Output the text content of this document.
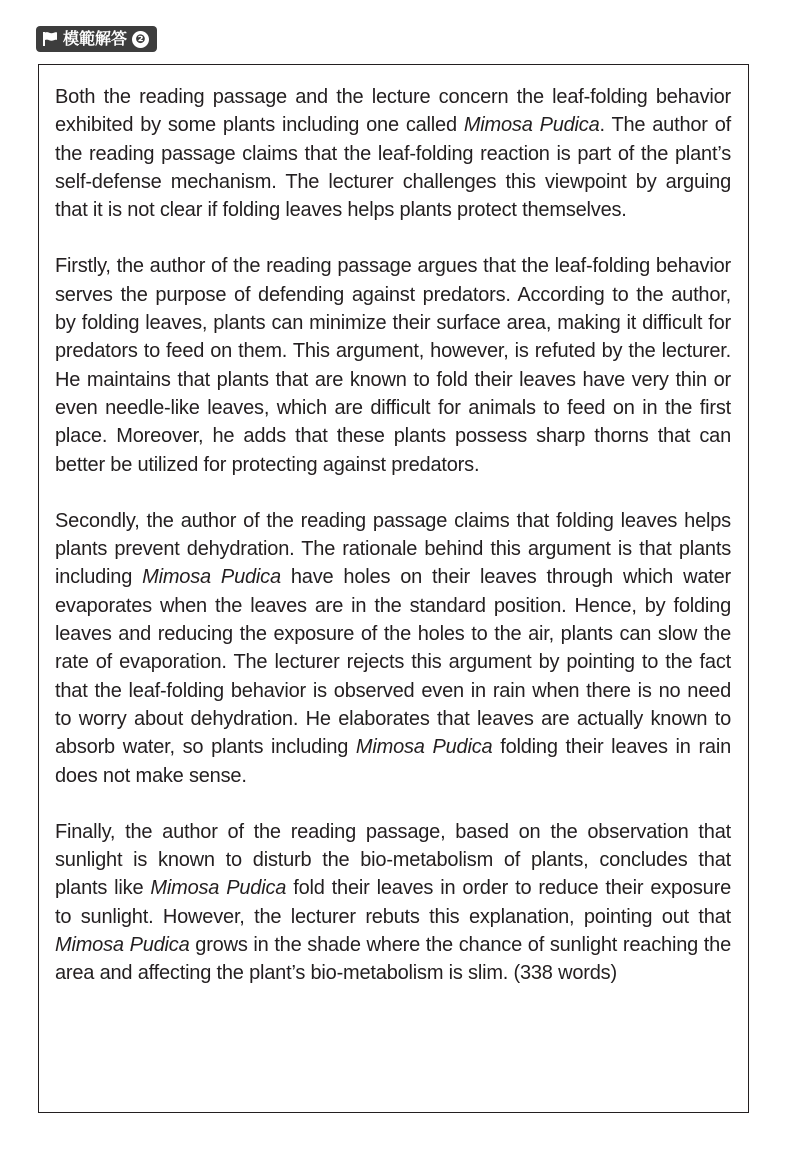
模範解答 ❷

Both the reading passage and the lecture concern the leaf-folding behavior exhibited by some plants including one called Mimosa Pudica. The author of the reading passage claims that the leaf-folding reaction is part of the plant’s self-defense mechanism. The lecturer challenges this viewpoint by arguing that it is not clear if folding leaves helps plants protect themselves.

Firstly, the author of the reading passage argues that the leaf-folding behavior serves the purpose of defending against predators. According to the author, by folding leaves, plants can minimize their surface area, making it difficult for predators to feed on them. This argument, however, is refuted by the lecturer. He maintains that plants that are known to fold their leaves have very thin or even needle-like leaves, which are difficult for animals to feed on in the first place. Moreover, he adds that these plants possess sharp thorns that can better be utilized for protecting against predators.

Secondly, the author of the reading passage claims that folding leaves helps plants prevent dehydration. The rationale behind this argument is that plants including Mimosa Pudica have holes on their leaves through which water evaporates when the leaves are in the standard position. Hence, by folding leaves and reducing the exposure of the holes to the air, plants can slow the rate of evaporation. The lecturer rejects this argument by pointing to the fact that the leaf-folding behavior is observed even in rain when there is no need to worry about dehydration. He elaborates that leaves are actually known to absorb water, so plants including Mimosa Pudica folding their leaves in rain does not make sense.

Finally, the author of the reading passage, based on the observation that sunlight is known to disturb the bio-metabolism of plants, concludes that plants like Mimosa Pudica fold their leaves in order to reduce their exposure to sunlight. However, the lecturer rebuts this explanation, pointing out that Mimosa Pudica grows in the shade where the chance of sunlight reaching the area and affecting the plant’s bio-metabolism is slim. (338 words)
